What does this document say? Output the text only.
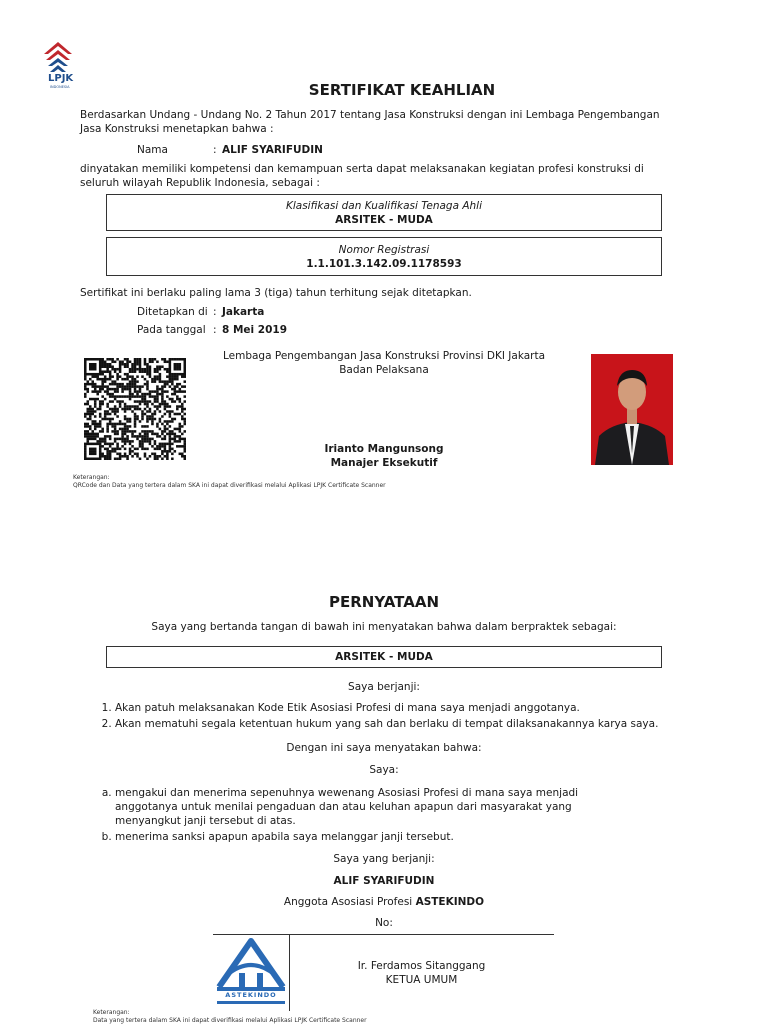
LPJK
INDONESIA	SERTIFIKAT KEAHLIAN
Berdasarkan Undang - Undang No. 2 Tahun 2017 tentang Jasa Konstruksi dengan ini Lembaga Pengembangan Jasa Konstruksi menetapkan bahwa :
Nama	: ALIF SYARIFUDIN
dinyatakan memiliki kompetensi dan kemampuan serta dapat melaksanakan kegiatan profesi konstruksi di seluruh wilayah Republik Indonesia, sebagai :
Klasifikasi dan Kualifikasi Tenaga Ahli
ARSITEK - MUDA
Nomor Registrasi
1.1.101.3.142.09.1178593
Sertifikat ini berlaku paling lama 3 (tiga) tahun terhitung sejak ditetapkan.
Ditetapkan di : Jakarta
Pada tanggal : 8 Mei 2019
Lembaga Pengembangan Jasa Konstruksi Provinsi DKI Jakarta
Badan Pelaksana
Irianto Mangunsong
Manajer Eksekutif
Keterangan:
QRCode dan Data yang tertera dalam SKA ini dapat diverifikasi melalui Aplikasi LPJK Certificate Scanner
PERNYATAAN
Saya yang bertanda tangan di bawah ini menyatakan bahwa dalam berpraktek sebagai:
ARSITEK - MUDA
Saya berjanji:
1. Akan patuh melaksanakan Kode Etik Asosiasi Profesi di mana saya menjadi anggotanya.
2. Akan mematuhi segala ketentuan hukum yang sah dan berlaku di tempat dilaksanakannya karya saya.
Dengan ini saya menyatakan bahwa:
Saya:
a. mengakui dan menerima sepenuhnya wewenang Asosiasi Profesi di mana saya menjadi anggotanya untuk menilai pengaduan dan atau keluhan apapun dari masyarakat yang menyangkut janji tersebut di atas.
b. menerima sanksi apapun apabila saya melanggar janji tersebut.
Saya yang berjanji:
ALIF SYARIFUDIN
Anggota Asosiasi Profesi ASTEKINDO
No:
ASTEKINDO
Ir. Ferdamos Sitanggang
KETUA UMUM
Keterangan:
Data yang tertera dalam SKA ini dapat diverifikasi melalui Aplikasi LPJK Certificate Scanner
